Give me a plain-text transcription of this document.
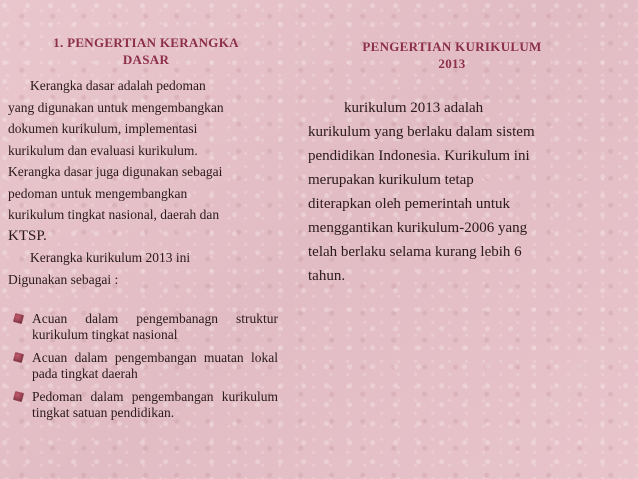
1. PENGERTIAN KERANGKA
DASAR
Kerangka dasar adalah pedoman
yang digunakan untuk mengembangkan
dokumen kurikulum, implementasi
kurikulum dan evaluasi kurikulum.
Kerangka dasar juga digunakan sebagai
pedoman untuk mengembangkan
kurikulum tingkat nasional, daerah dan
KTSP.
Kerangka kurikulum 2013 ini
Digunakan sebagai :
Acuan dalam pengembanagn struktur kurikulum tingkat nasional
Acuan dalam pengembangan muatan lokal pada tingkat daerah
Pedoman dalam pengembangan kurikulum tingkat satuan pendidikan.
PENGERTIAN KURIKULUM
2013
kurikulum 2013 adalah
kurikulum yang berlaku dalam sistem
pendidikan Indonesia. Kurikulum ini
merupakan kurikulum tetap
diterapkan oleh pemerintah untuk
menggantikan kurikulum-2006 yang
telah berlaku selama kurang lebih 6
tahun.
